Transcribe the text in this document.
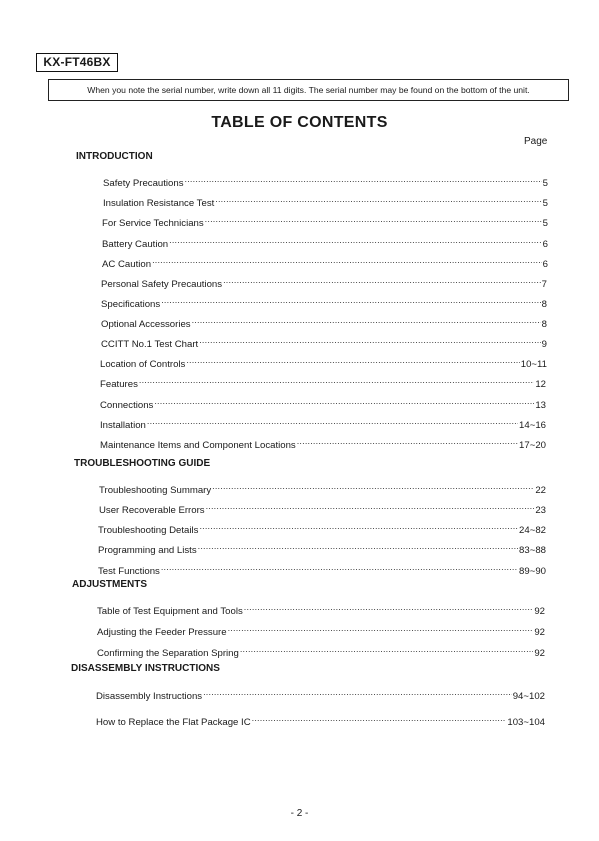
KX-FT46BX
When you note the serial number, write down all 11 digits. The serial number may be found on the bottom of the unit.
TABLE OF CONTENTS
Page
INTRODUCTION
Safety Precautions .....	5
Insulation Resistance Test .....	5
For Service Technicians .....	5
Battery Caution .....	6
AC Caution .....	6
Personal Safety Precautions .....	7
Specifications .....	8
Optional Accessories .....	8
CCITT No.1 Test Chart .....	9
Location of Controls .....	10~11
Features .....	12
Connections .....	13
Installation .....	14~16
Maintenance Items and Component Locations .....	17~20
TROUBLESHOOTING GUIDE
Troubleshooting Summary .....	22
User Recoverable Errors .....	23
Troubleshooting Details .....	24~82
Programming and Lists .....	83~88
Test Functions .....	89~90
ADJUSTMENTS
Table of Test Equipment and Tools .....	92
Adjusting the Feeder Pressure .....	92
Confirming the Separation Spring .....	92
DISASSEMBLY INSTRUCTIONS
Disassembly Instructions .....	94~102
How to Replace the Flat Package IC .....	103~104
- 2 -
